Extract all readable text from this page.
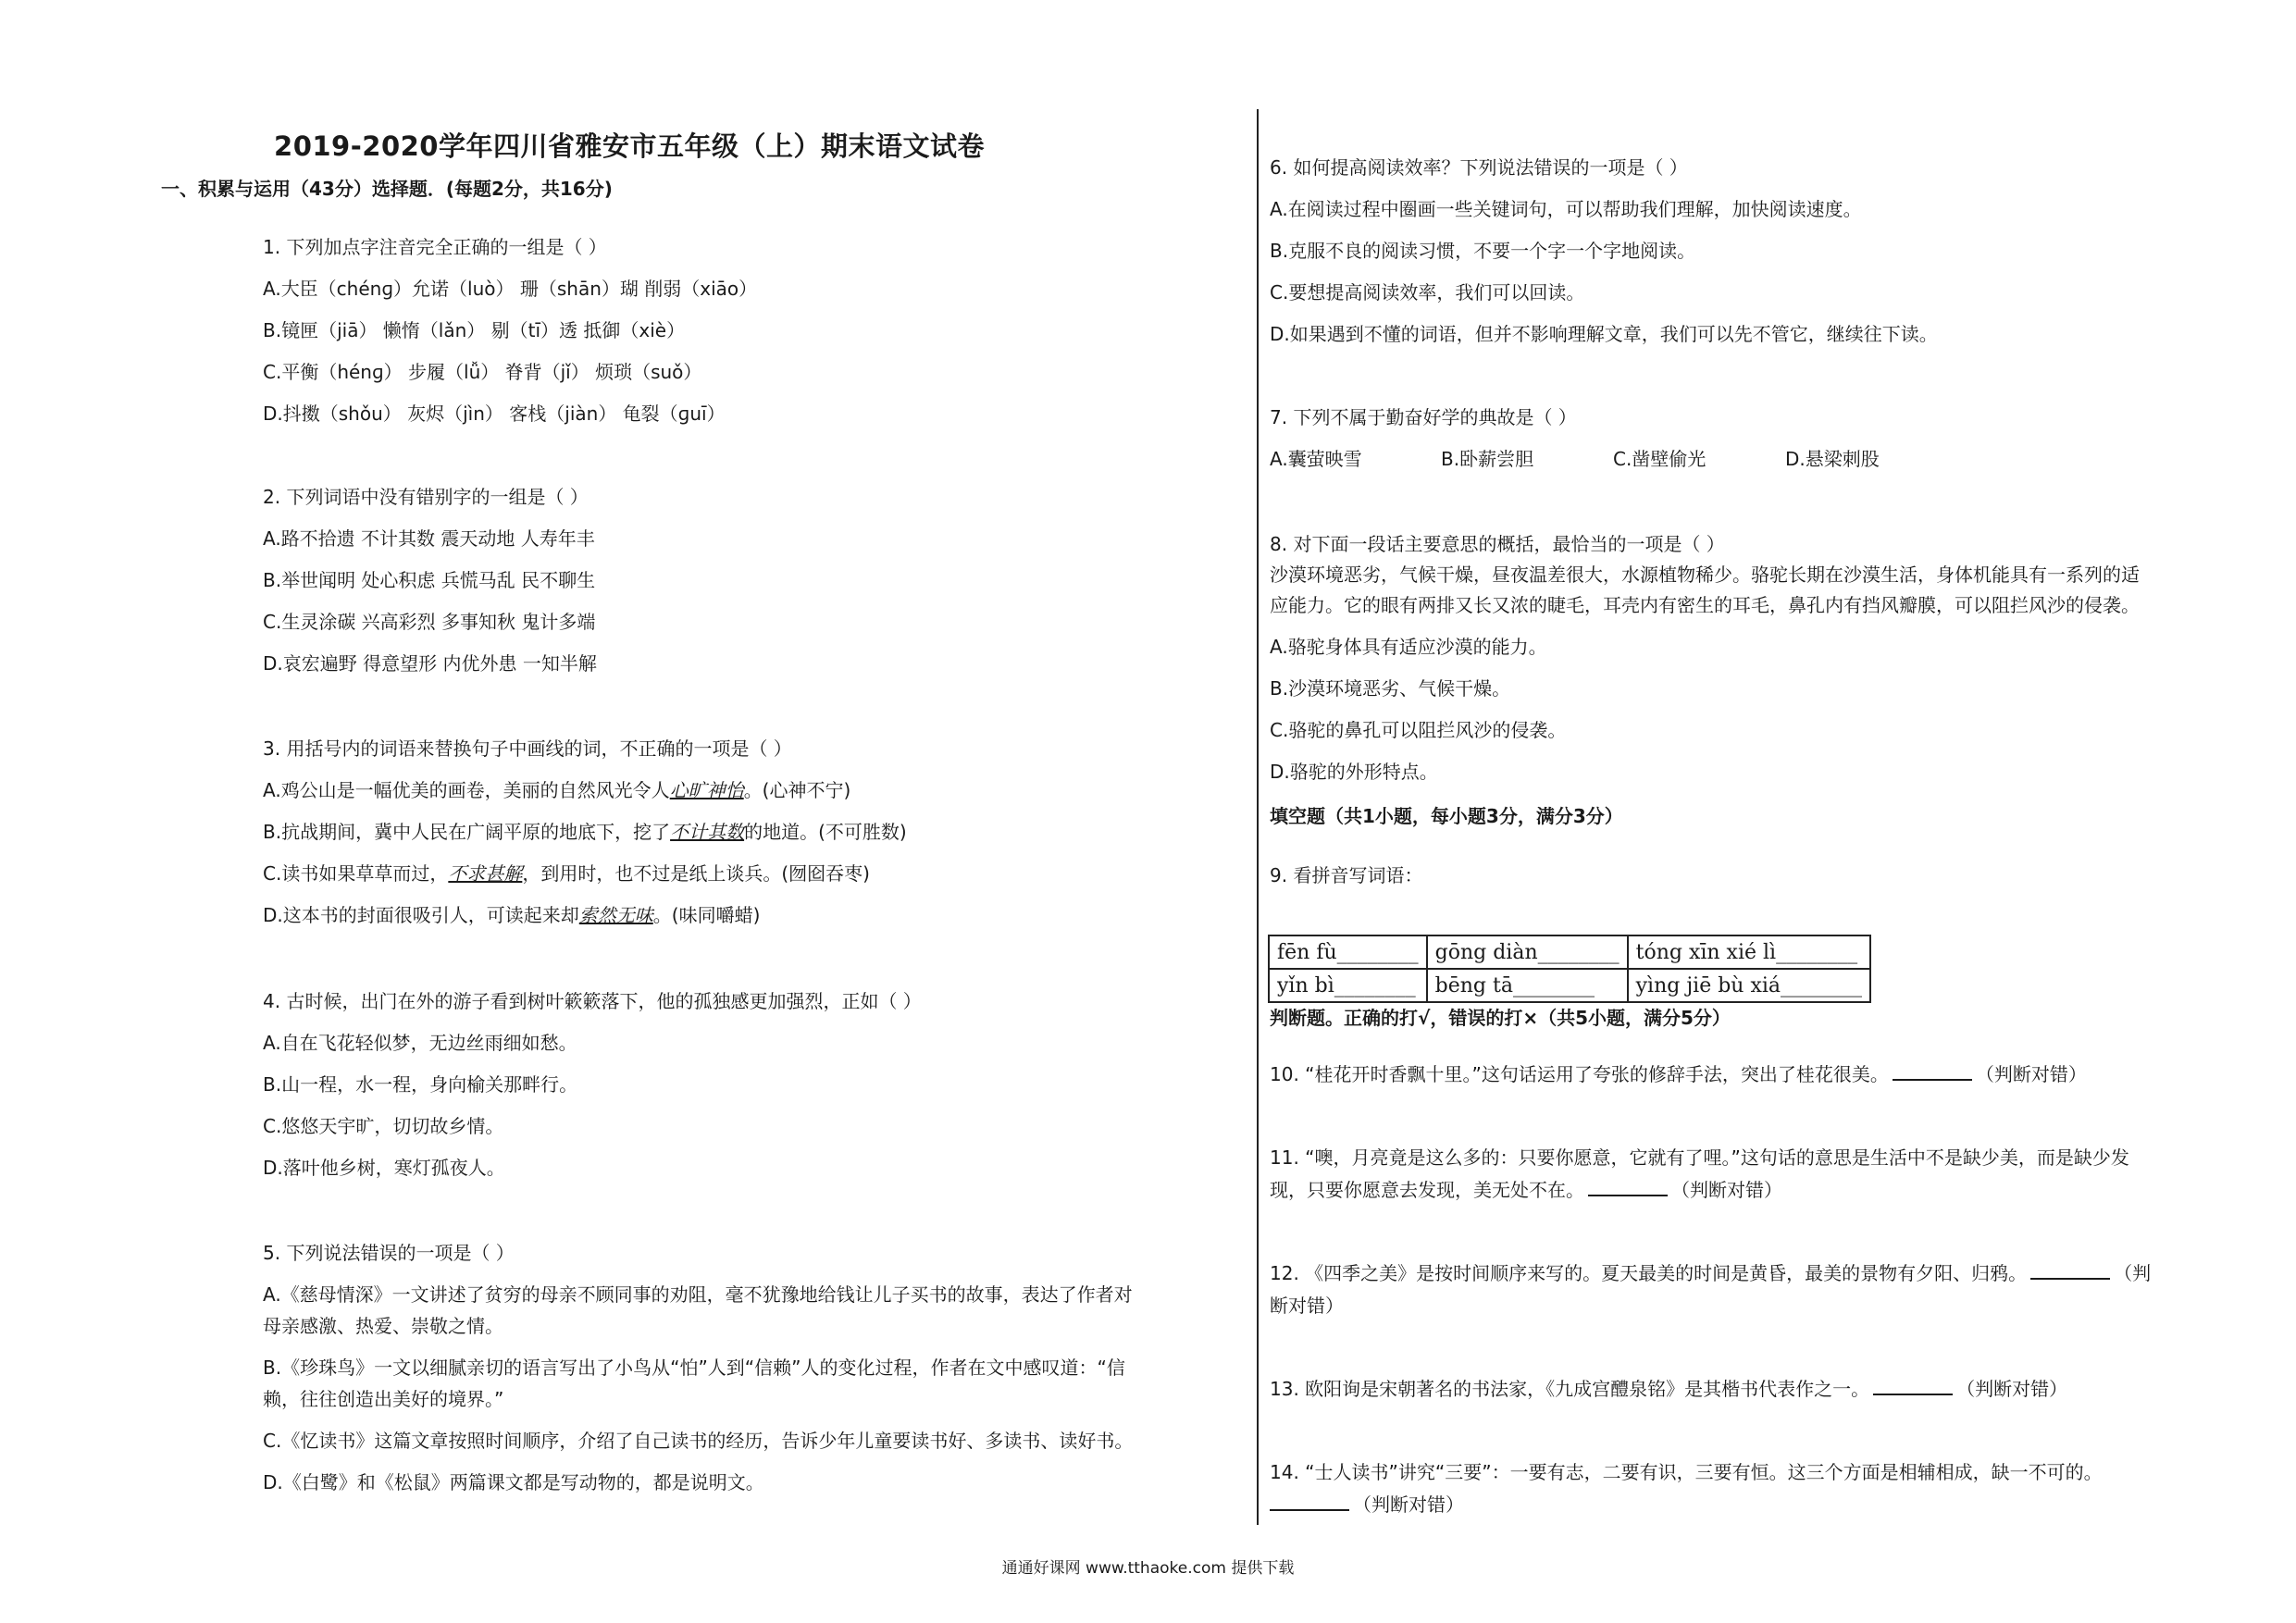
2019-2020学年四川省雅安市五年级（上）期末语文试卷
一、积累与运用（43分）选择题．(每题2分，共16分)
1. 下列加点字注音完全正确的一组是（ ）
A.大臣（chénɡ）允诺（luò） 珊（shān）瑚 削弱（xiāo）
B.镜匣（jiā） 懒惰（lǎn） 剔（tī）透 抵御（xiè）
C.平衡（hénɡ） 步履（lǚ） 脊背（jǐ） 烦琐（suǒ）
D.抖擞（shǒu） 灰烬（jìn） 客栈（jiàn） 龟裂（ɡuī）
2. 下列词语中没有错别字的一组是（ ）
A.路不拾遗 不计其数 震天动地 人寿年丰
B.举世闻明 处心积虑 兵慌马乱 民不聊生
C.生灵涂碳 兴高彩烈 多事知秋 鬼计多端
D.哀宏遍野 得意望形 内优外患 一知半解
3. 用括号内的词语来替换句子中画线的词，不正确的一项是（ ）
A.鸡公山是一幅优美的画卷，美丽的自然风光令人心旷神怡。(心神不宁)
B.抗战期间，冀中人民在广阔平原的地底下，挖了不计其数的地道。(不可胜数)
C.读书如果草草而过，不求甚解，到用时，也不过是纸上谈兵。(囫囵吞枣)
D.这本书的封面很吸引人，可读起来却索然无味。(味同嚼蜡)
4. 古时候，出门在外的游子看到树叶簌簌落下，他的孤独感更加强烈，正如（ ）
A.自在飞花轻似梦，无边丝雨细如愁。
B.山一程，水一程，身向榆关那畔行。
C.悠悠天宇旷，切切故乡情。
D.落叶他乡树，寒灯孤夜人。
5. 下列说法错误的一项是（ ）
A.《慈母情深》一文讲述了贫穷的母亲不顾同事的劝阻，毫不犹豫地给钱让儿子买书的故事，表达了作者对
母亲感激、热爱、崇敬之情。
B.《珍珠鸟》一文以细腻亲切的语言写出了小鸟从“怕”人到“信赖”人的变化过程，作者在文中感叹道：“信
赖，往往创造出美好的境界。”
C.《忆读书》这篇文章按照时间顺序，介绍了自己读书的经历，告诉少年儿童要读书好、多读书、读好书。
D.《白鹭》和《松鼠》两篇课文都是写动物的，都是说明文。
6. 如何提高阅读效率？下列说法错误的一项是（ ）
A.在阅读过程中圈画一些关键词句，可以帮助我们理解，加快阅读速度。
B.克服不良的阅读习惯，不要一个字一个字地阅读。
C.要想提高阅读效率，我们可以回读。
D.如果遇到不懂的词语，但并不影响理解文章，我们可以先不管它，继续往下读。
7. 下列不属于勤奋好学的典故是（ ）
A.囊萤映雪	B.卧薪尝胆	C.凿壁偷光	D.悬梁刺股
8. 对下面一段话主要意思的概括，最恰当的一项是（ ）
沙漠环境恶劣，气候干燥，昼夜温差很大，水源植物稀少。骆驼长期在沙漠生活，身体机能具有一系列的适
应能力。它的眼有两排又长又浓的睫毛，耳壳内有密生的耳毛，鼻孔内有挡风瓣膜，可以阻拦风沙的侵袭。
A.骆驼身体具有适应沙漠的能力。
B.沙漠环境恶劣、气候干燥。
C.骆驼的鼻孔可以阻拦风沙的侵袭。
D.骆驼的外形特点。
填空题（共1小题，每小题3分，满分3分）
9. 看拼音写词语：
fēn fù________	gōng diàn________	tóng xīn xié lì________
yǐn bì________	bēng tā________	yìng jiē bù xiá________
判断题。正确的打√，错误的打×（共5小题，满分5分）
10. “桂花开时香飘十里。”这句话运用了夸张的修辞手法，突出了桂花很美。	（判断对错）
11. “噢，月亮竟是这么多的：只要你愿意，它就有了哩。”这句话的意思是生活中不是缺少美，而是缺少发
现，只要你愿意去发现，美无处不在。	（判断对错）
12. 《四季之美》是按时间顺序来写的。夏天最美的时间是黄昏，最美的景物有夕阳、归鸦。	（判
断对错）
13. 欧阳询是宋朝著名的书法家，《九成宫醴泉铭》是其楷书代表作之一。	（判断对错）
14. “士人读书”讲究“三要”：一要有志，二要有识，三要有恒。这三个方面是相辅相成，缺一不可的。
（判断对错）
通通好课网 www.tthaoke.com 提供下载
